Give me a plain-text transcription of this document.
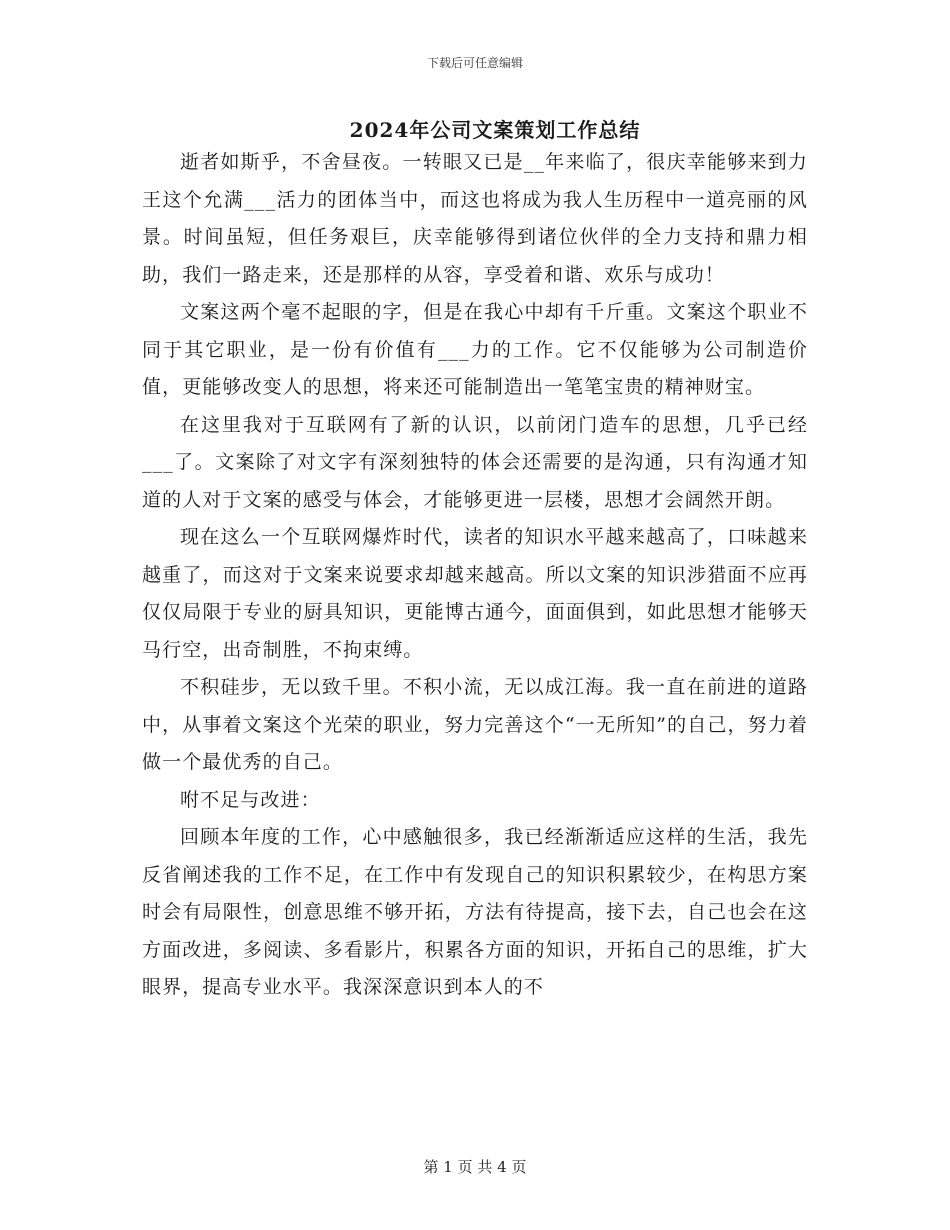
下载后可任意编辑
2024年公司文案策划工作总结

逝者如斯乎，不舍昼夜。一转眼又已是__年来临了，很庆幸能够来到力王这个允满___活力的团体当中，而这也将成为我人生历程中一道亮丽的风景。时间虽短，但任务艰巨，庆幸能够得到诸位伙伴的全力支持和鼎力相助，我们一路走来，还是那样的从容，享受着和谐、欢乐与成功！

文案这两个毫不起眼的字，但是在我心中却有千斤重。文案这个职业不同于其它职业，是一份有价值有___力的工作。它不仅能够为公司制造价值，更能够改变人的思想，将来还可能制造出一笔笔宝贵的精神财宝。

在这里我对于互联网有了新的认识，以前闭门造车的思想，几乎已经___了。文案除了对文字有深刻独特的体会还需要的是沟通，只有沟通才知道的人对于文案的感受与体会，才能够更进一层楼，思想才会阔然开朗。

现在这么一个互联网爆炸时代，读者的知识水平越来越高了，口味越来越重了，而这对于文案来说要求却越来越高。所以文案的知识涉猎面不应再仅仅局限于专业的厨具知识，更能博古通今，面面俱到，如此思想才能够天马行空，出奇制胜，不拘束缚。

不积硅步，无以致千里。不积小流，无以成江海。我一直在前进的道路中，从事着文案这个光荣的职业，努力完善这个“一无所知”的自己，努力着做一个最优秀的自己。

咐不足与改进：

回顾本年度的工作，心中感触很多，我已经渐渐适应这样的生活，我先反省阐述我的工作不足，在工作中有发现自己的知识积累较少，在构思方案时会有局限性，创意思维不够开拓，方法有待提高，接下去，自己也会在这方面改进，多阅读、多看影片，积累各方面的知识，开拓自己的思维，扩大眼界，提高专业水平。我深深意识到本人的不

第 1 页 共 4 页
